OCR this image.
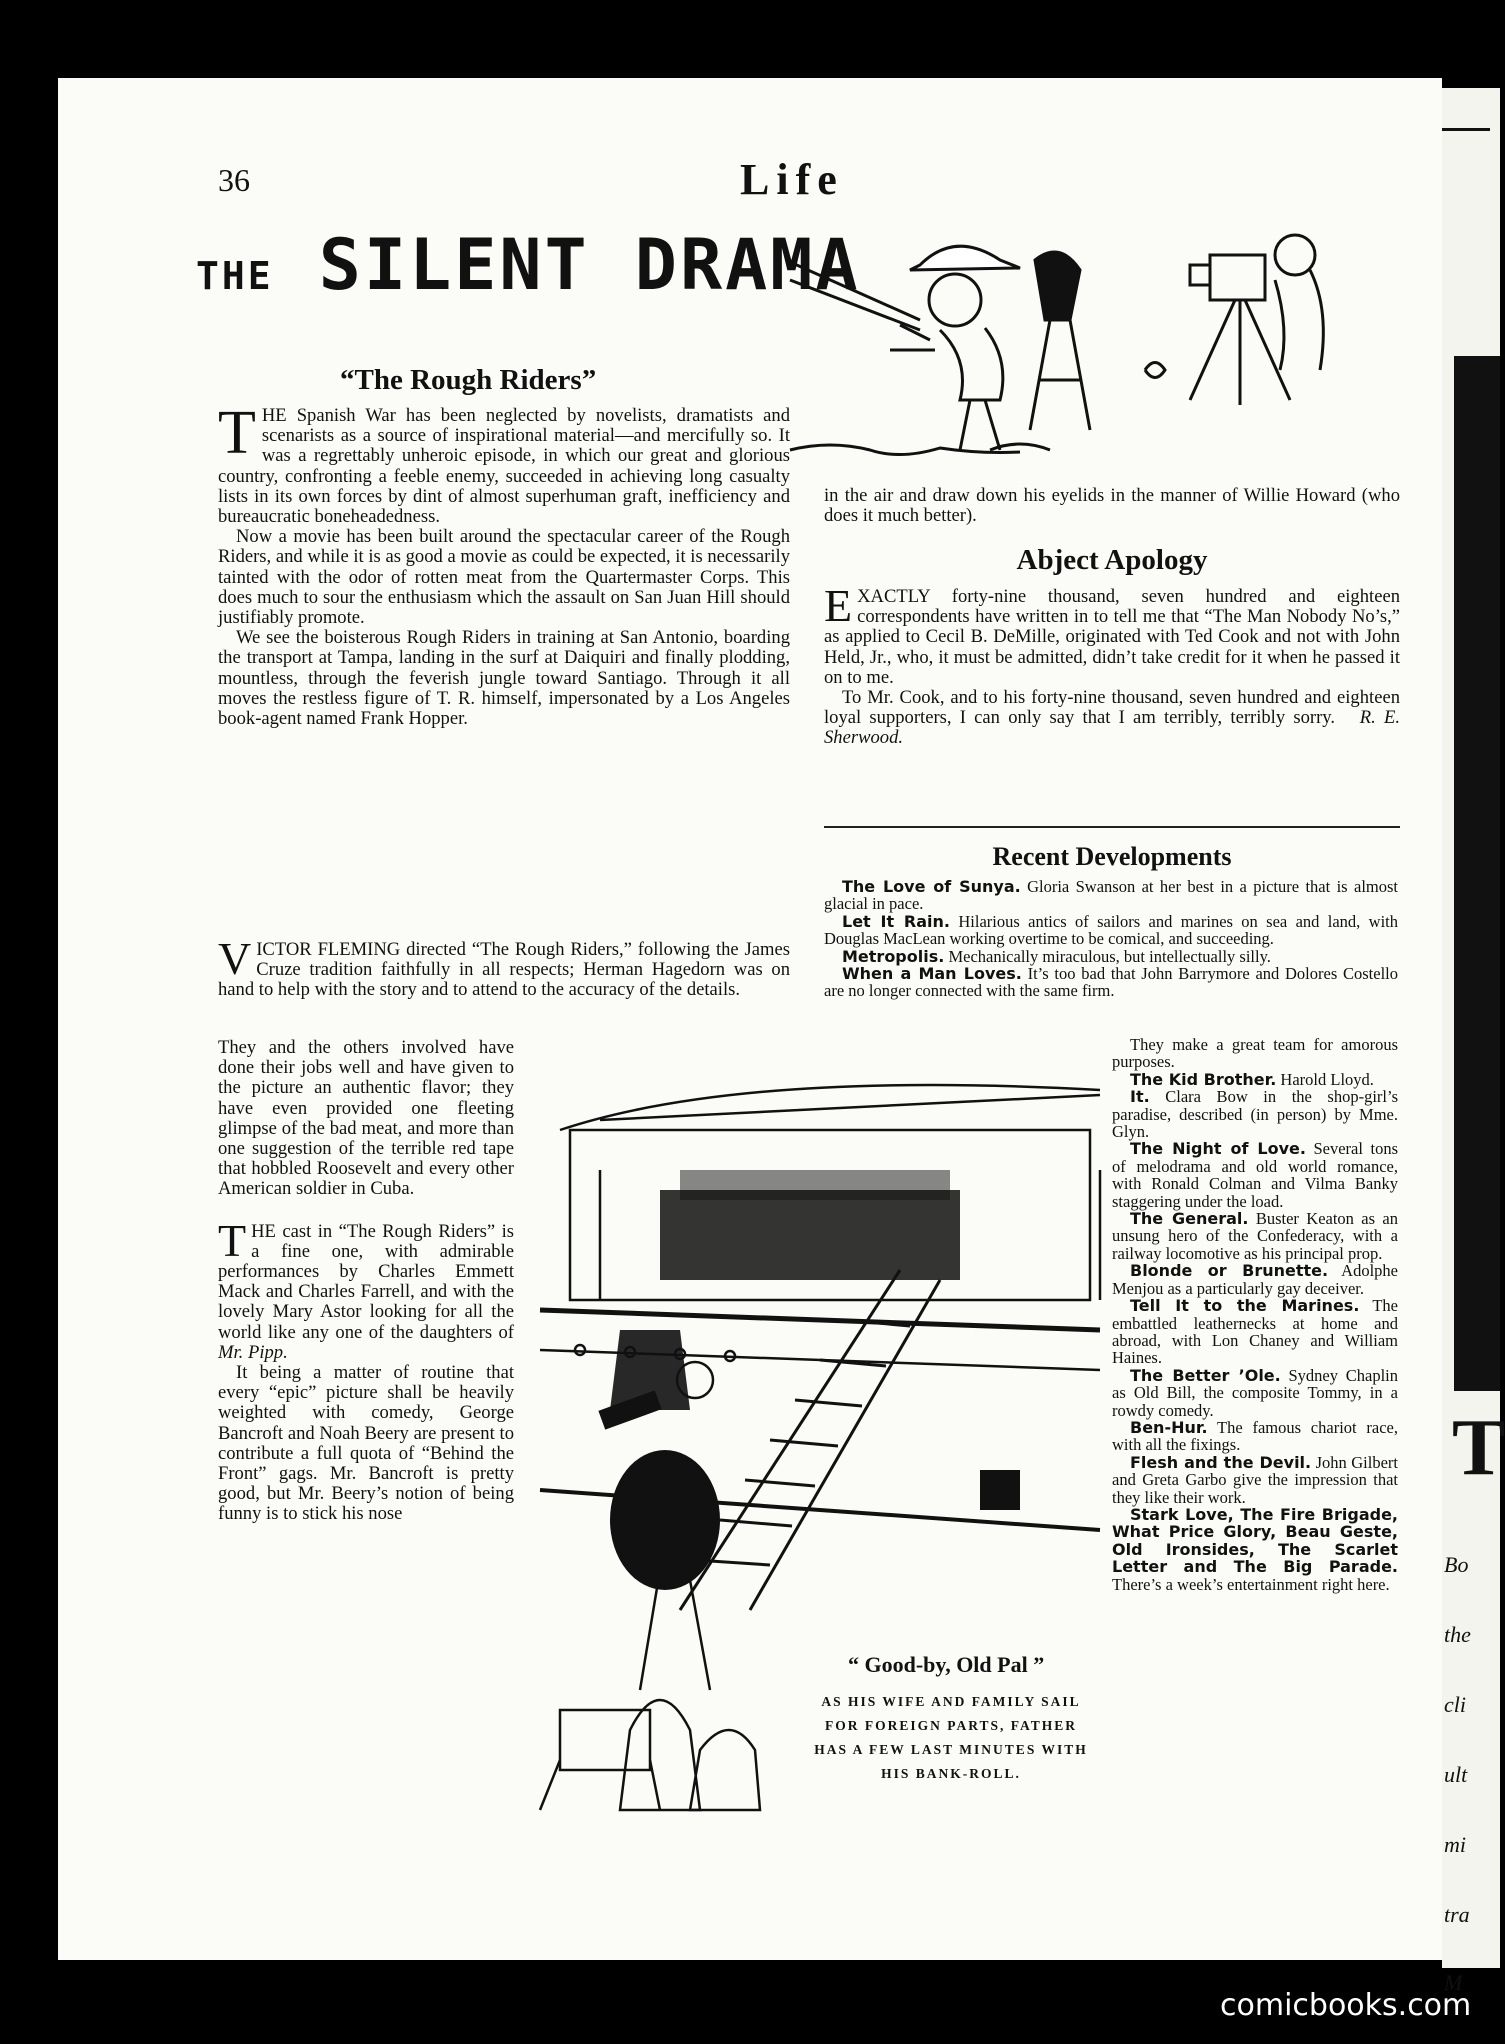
T
Bo
the
cli
ult
mi
tra
M
36	Life
THE SILENT DRAMA
“The Rough Riders”

THE Spanish War has been neglected by novelists, dramatists and scenarists as a source of inspirational material—and mercifully so. It was a regrettably unheroic episode, in which our great and glorious country, confronting a feeble enemy, succeeded in achieving long casualty lists in its own forces by dint of almost superhuman graft, inefficiency and bureaucratic boneheadedness.

Now a movie has been built around the spectacular career of the Rough Riders, and while it is as good a movie as could be expected, it is necessarily tainted with the odor of rotten meat from the Quartermaster Corps. This does much to sour the enthusiasm which the assault on San Juan Hill should justifiably promote.

We see the boisterous Rough Riders in training at San Antonio, boarding the transport at Tampa, landing in the surf at Daiquiri and finally plodding, mountless, through the feverish jungle toward Santiago. Through it all moves the restless figure of T. R. himself, impersonated by a Los Angeles book-agent named Frank Hopper.

VICTOR FLEMING directed “The Rough Riders,” following the James Cruze tradition faithfully in all respects; Herman Hagedorn was on hand to help with the story and to attend to the accuracy of the details.

They and the others involved have done their jobs well and have given to the picture an authentic flavor; they have even provided one fleeting glimpse of the bad meat, and more than one suggestion of the terrible red tape that hobbled Roosevelt and every other American soldier in Cuba.

THE cast in “The Rough Riders” is a fine one, with admirable performances by Charles Emmett Mack and Charles Farrell, and with the lovely Mary Astor looking for all the world like any one of the daughters of Mr. Pipp.

It being a matter of routine that every “epic” picture shall be heavily weighted with comedy, George Bancroft and Noah Beery are present to contribute a full quota of “Behind the Front” gags. Mr. Bancroft is pretty good, but Mr. Beery’s notion of being funny is to stick his nose

in the air and draw down his eyelids in the manner of Willie Howard (who does it much better).

Abject Apology

EXACTLY forty-nine thousand, seven hundred and eighteen correspondents have written in to tell me that “The Man Nobody No’s,” as applied to Cecil B. DeMille, originated with Ted Cook and not with John Held, Jr., who, it must be admitted, didn’t take credit for it when he passed it on to me.

To Mr. Cook, and to his forty-nine thousand, seven hundred and eighteen loyal supporters, I can only say that I am terribly, terribly sorry. R. E. Sherwood.

Recent Developments

The Love of Sunya. Gloria Swanson at her best in a picture that is almost glacial in pace.

Let It Rain. Hilarious antics of sailors and marines on sea and land, with Douglas MacLean working overtime to be comical, and succeeding.

Metropolis. Mechanically miraculous, but intellectually silly.

When a Man Loves. It’s too bad that John Barrymore and Dolores Costello are no longer connected with the same firm.

They make a great team for amorous purposes.

The Kid Brother. Harold Lloyd.

It. Clara Bow in the shop-girl’s paradise, described (in person) by Mme. Glyn.

The Night of Love. Several tons of melodrama and old world romance, with Ronald Colman and Vilma Banky staggering under the load.

The General. Buster Keaton as an unsung hero of the Confederacy, with a railway locomotive as his principal prop.

Blonde or Brunette. Adolphe Menjou as a particularly gay deceiver.

Tell It to the Marines. The embattled leathernecks at home and abroad, with Lon Chaney and William Haines.

The Better ’Ole. Sydney Chaplin as Old Bill, the composite Tommy, in a rowdy comedy.

Ben-Hur. The famous chariot race, with all the fixings.

Flesh and the Devil. John Gilbert and Greta Garbo give the impression that they like their work.

Stark Love, The Fire Brigade, What Price Glory, Beau Geste, Old Ironsides, The Scarlet Letter and The Big Parade. There’s a week’s entertainment right here.

“ Good-by, Old Pal ”
AS HIS WIFE AND FAMILY SAIL FOR FOREIGN PARTS, FATHER HAS A FEW LAST MINUTES WITH HIS BANK-ROLL.
comicbooks.com
